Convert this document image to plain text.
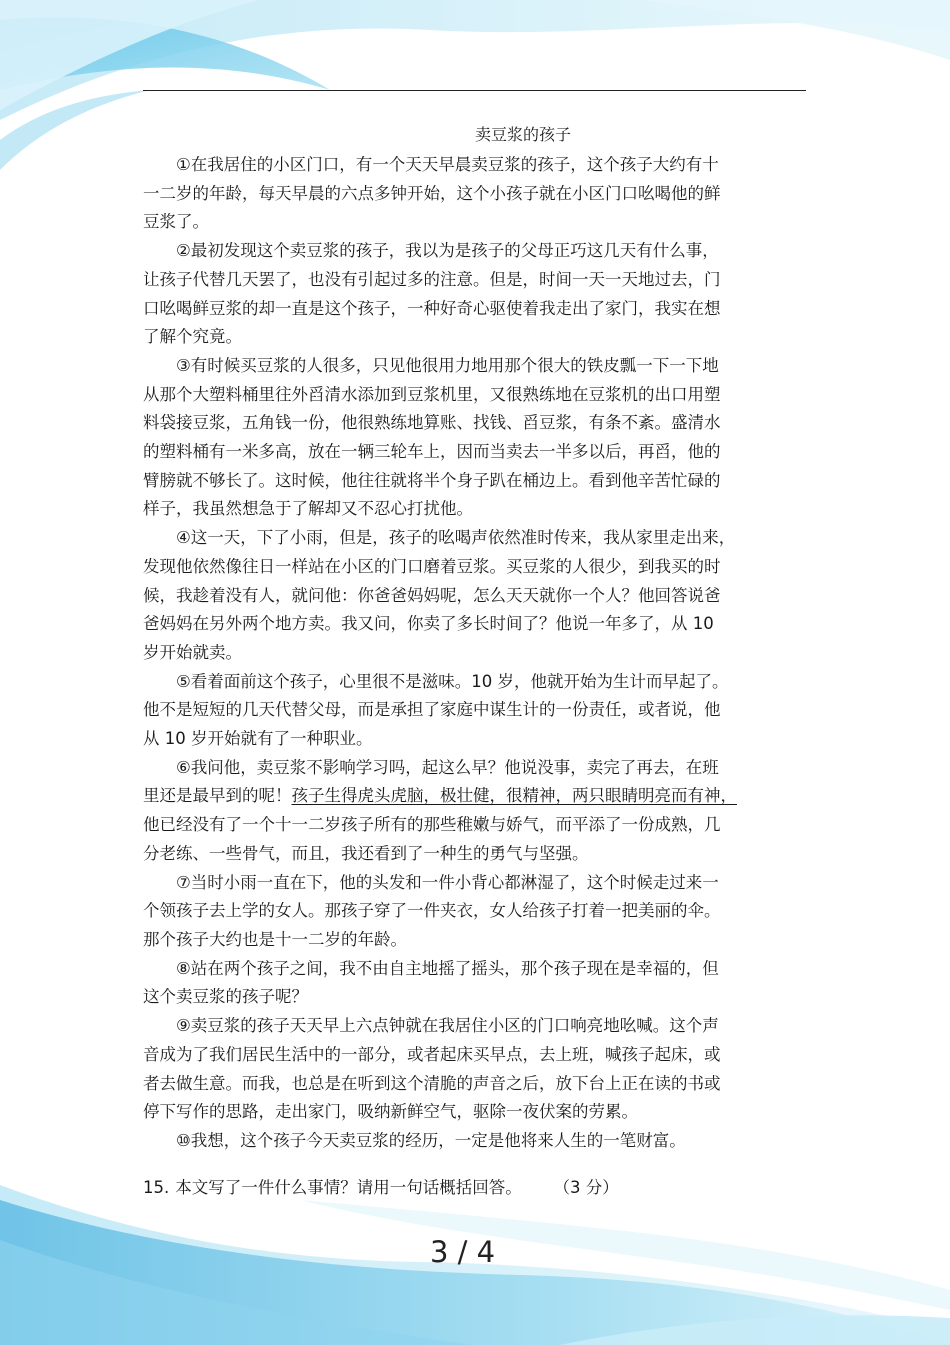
卖豆浆的孩子

①在我居住的小区门口，有一个天天早晨卖豆浆的孩子，这个孩子大约有十
一二岁的年龄，每天早晨的六点多钟开始，这个小孩子就在小区门口吆喝他的鲜
豆浆了。

②最初发现这个卖豆浆的孩子，我以为是孩子的父母正巧这几天有什么事，
让孩子代替几天罢了，也没有引起过多的注意。但是，时间一天一天地过去，门
口吆喝鲜豆浆的却一直是这个孩子，一种好奇心驱使着我走出了家门，我实在想
了解个究竟。

③有时候买豆浆的人很多，只见他很用力地用那个很大的铁皮瓢一下一下地
从那个大塑料桶里往外舀清水添加到豆浆机里，又很熟练地在豆浆机的出口用塑
料袋接豆浆，五角钱一份，他很熟练地算账、找钱、舀豆浆，有条不紊。盛清水
的塑料桶有一米多高，放在一辆三轮车上，因而当卖去一半多以后，再舀，他的
臂膀就不够长了。这时候，他往往就将半个身子趴在桶边上。看到他辛苦忙碌的
样子，我虽然想急于了解却又不忍心打扰他。

④这一天，下了小雨，但是，孩子的吆喝声依然准时传来，我从家里走出来，
发现他依然像往日一样站在小区的门口磨着豆浆。买豆浆的人很少，到我买的时
候，我趁着没有人，就问他：你爸爸妈妈呢，怎么天天就你一个人？他回答说爸
爸妈妈在另外两个地方卖。我又问，你卖了多长时间了？他说一年多了，从 10
岁开始就卖。

⑤看着面前这个孩子，心里很不是滋味。10 岁，他就开始为生计而早起了。
他不是短短的几天代替父母，而是承担了家庭中谋生计的一份责任，或者说，他
从 10 岁开始就有了一种职业。

⑥我问他，卖豆浆不影响学习吗，起这么早？他说没事，卖完了再去，在班
里还是最早到的呢！孩子生得虎头虎脑，极壮健，很精神，两只眼睛明亮而有神，
他已经没有了一个十一二岁孩子所有的那些稚嫩与娇气，而平添了一份成熟，几
分老练、一些骨气，而且，我还看到了一种生的勇气与坚强。

⑦当时小雨一直在下，他的头发和一件小背心都淋湿了，这个时候走过来一
个领孩子去上学的女人。那孩子穿了一件夹衣，女人给孩子打着一把美丽的伞。
那个孩子大约也是十一二岁的年龄。

⑧站在两个孩子之间，我不由自主地摇了摇头，那个孩子现在是幸福的，但
这个卖豆浆的孩子呢？

⑨卖豆浆的孩子天天早上六点钟就在我居住小区的门口响亮地吆喊。这个声
音成为了我们居民生活中的一部分，或者起床买早点，去上班，喊孩子起床，或
者去做生意。而我，也总是在听到这个清脆的声音之后，放下台上正在读的书或
停下写作的思路，走出家门，吸纳新鲜空气，驱除一夜伏案的劳累。

⑩我想，这个孩子今天卖豆浆的经历，一定是他将来人生的一笔财富。

15. 本文写了一件什么事情？请用一句话概括回答。 （3 分）
3 / 4
